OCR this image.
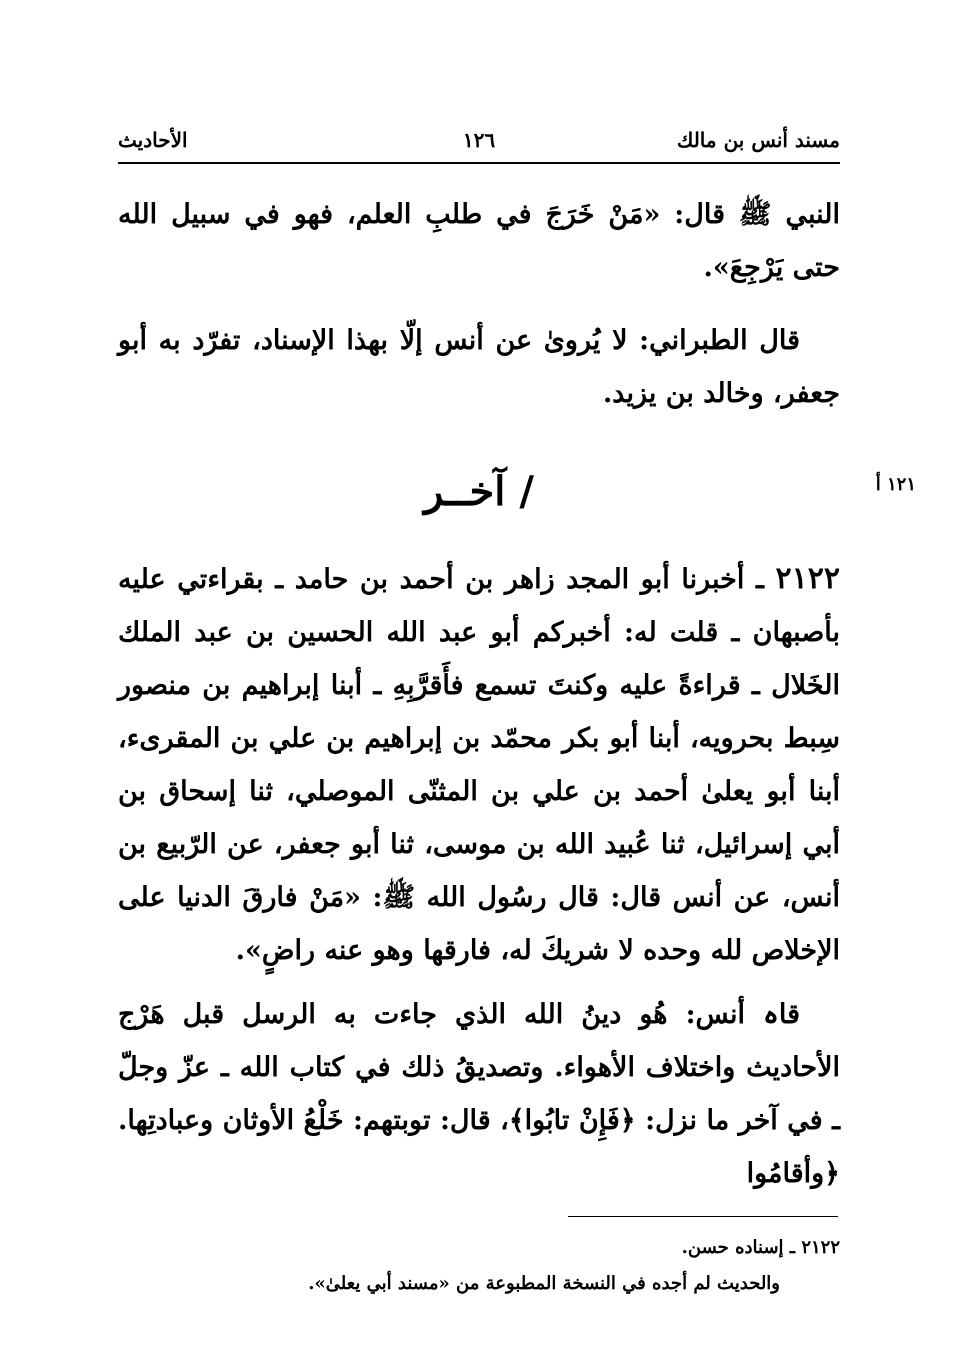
مسند أنس بن مالك
١٢٦
الأحاديث
النبي ﷺ قال: «مَنْ خَرَجَ في طلبِ العلم، فهو في سبيل الله حتى يَرْجِعَ».
قال الطبراني: لا يُروىٰ عن أنس إلّا بهذا الإسناد، تفرّد به أبو جعفر، وخالد بن يزيد.
١٢١ أ
/ آخــر
٢١٢٢ ـ أخبرنا أبو المجد زاهر بن أحمد بن حامد ـ بقراءتي عليه بأصبهان ـ قلت له: أخبركم أبو عبد الله الحسين بن عبد الملك الخَلال ـ قراءةً عليه وكنتَ تسمع فأَقرَّبِهِ ـ أبنا إبراهيم بن منصور سِبط بحرويه، أبنا أبو بكر محمّد بن إبراهيم بن علي بن المقرىء، أبنا أبو يعلىٰ أحمد بن علي بن المثنّى الموصلي، ثنا إسحاق بن أبي إسرائيل، ثنا عُبيد الله بن موسى، ثنا أبو جعفر، عن الرّبيع بن أنس، عن أنس قال: قال رسُول الله ﷺ: «مَنْ فارقَ الدنيا على الإخلاص لله وحده لا شريكَ له، فارقها وهو عنه راضٍ».
قاہ أنس: هُو دينُ الله الذي جاءت به الرسل قبل هَرْج الأحاديث واختلاف الأهواء. وتصديقُ ذلك في كتاب الله ـ عزّ وجلّ ـ في آخر ما نزل: ﴿فَإِنْ تابُوا﴾، قال: توبتهم: خَلْعُ الأوثان وعبادتِها. ﴿وأقامُوا
٢١٢٢ ـ إسناده حسن.
والحديث لم أجده في النسخة المطبوعة من «مسند أبي يعلىٰ».
